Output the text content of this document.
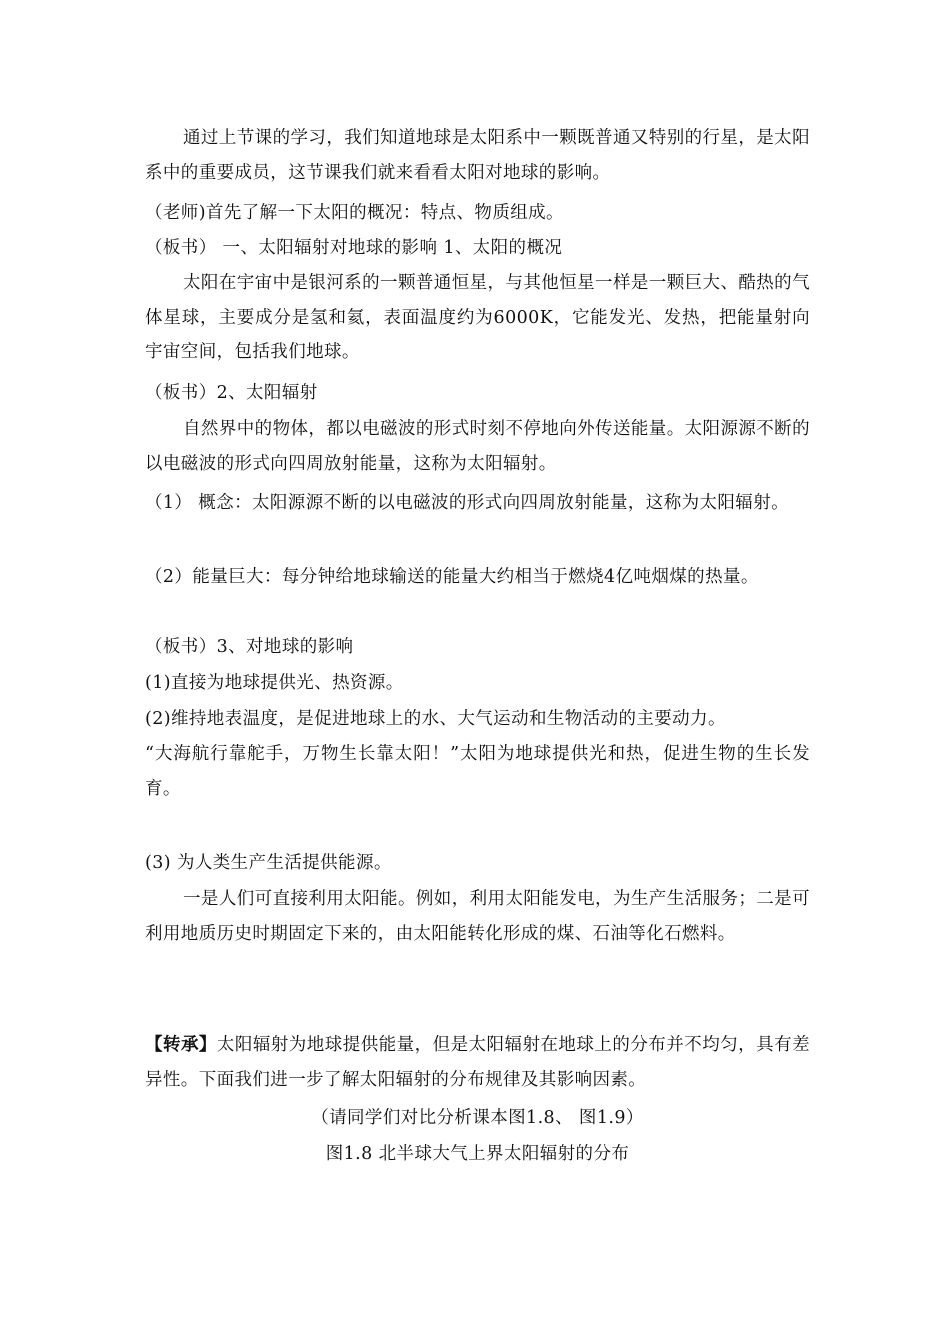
通过上节课的学习，我们知道地球是太阳系中一颗既普通又特别的行星，是太阳系中的重要成员，这节课我们就来看看太阳对地球的影响。

（老师)首先了解一下太阳的概况：特点、物质组成。

（板书） 一、太阳辐射对地球的影响 1、太阳的概况

太阳在宇宙中是银河系的一颗普通恒星，与其他恒星一样是一颗巨大、酷热的气体星球，主要成分是氢和氦，表面温度约为6000K，它能发光、发热，把能量射向宇宙空间，包括我们地球。

（板书）2、太阳辐射

自然界中的物体，都以电磁波的形式时刻不停地向外传送能量。太阳源源不断的以电磁波的形式向四周放射能量，这称为太阳辐射。

（1） 概念：太阳源源不断的以电磁波的形式向四周放射能量，这称为太阳辐射。

（2）能量巨大：每分钟给地球输送的能量大约相当于燃烧4亿吨烟煤的热量。

（板书）3、对地球的影响

(1)直接为地球提供光、热资源。

(2)维持地表温度，是促进地球上的水、大气运动和生物活动的主要动力。

“大海航行靠舵手，万物生长靠太阳！”太阳为地球提供光和热，促进生物的生长发育。

(3) 为人类生产生活提供能源。

一是人们可直接利用太阳能。例如，利用太阳能发电，为生产生活服务；二是可利用地质历史时期固定下来的，由太阳能转化形成的煤、石油等化石燃料。

【转承】太阳辐射为地球提供能量，但是太阳辐射在地球上的分布并不均匀，具有差异性。下面我们进一步了解太阳辐射的分布规律及其影响因素。

（请同学们对比分析课本图1.8、 图1.9）

图1.8 北半球大气上界太阳辐射的分布
